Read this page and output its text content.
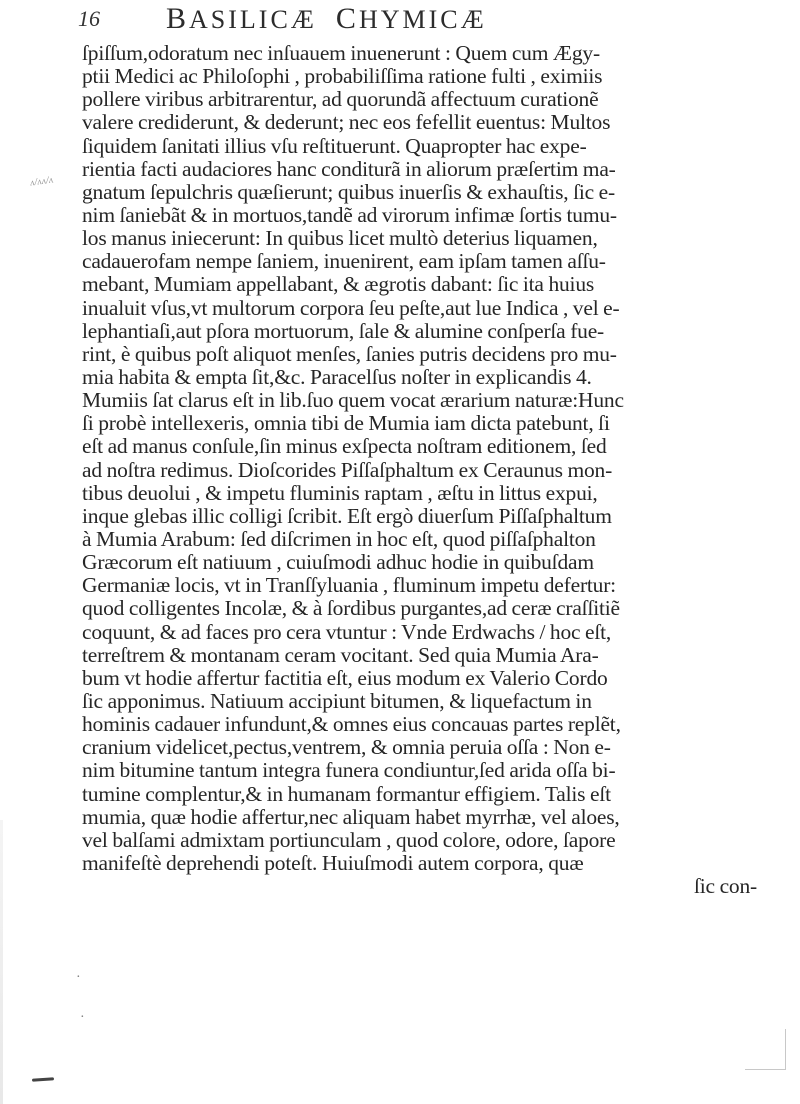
16 BASILICÆ CHYMICÆ
ʌ/ʌʌ/ʌ
ſpiſſum,odoratum nec inſuauem inuenerunt : Quem cum Ægy-
ptii Medici ac Philoſophi , probabiliſſima ratione fulti , eximiis
pollere viribus arbitrarentur, ad quorundã affectuum curationẽ
valere crediderunt, & dederunt; nec eos fefellit euentus: Multos
ſiquidem ſanitati illius vſu reſtituerunt. Quapropter hac expe-
rientia facti audaciores hanc conditurã in aliorum præſertim ma-
gnatum ſepulchris quæſierunt; quibus inuerſis & exhauſtis, ſic e-
nim ſaniebãt & in mortuos,tandẽ ad virorum infimæ ſortis tumu-
los manus iniecerunt: In quibus licet multò deterius liquamen,
cadauerofam nempe ſaniem, inuenirent, eam ipſam tamen aſſu-
mebant, Mumiam appellabant, & ægrotis dabant: ſic ita huius
inualuit vſus,vt multorum corpora ſeu peſte,aut lue Indica , vel e-
lephantiaſi,aut pſora mortuorum, ſale & alumine conſperſa fue-
rint, è quibus poſt aliquot menſes, ſanies putris decidens pro mu-
mia habita & empta ſit,&c. Paracelſus noſter in explicandis 4.
Mumiis ſat clarus eſt in lib.ſuo quem vocat ærarium naturæ:Hunc
ſi probè intellexeris, omnia tibi de Mumia iam dicta patebunt, ſi
eſt ad manus conſule,ſin minus exſpecta noſtram editionem, ſed
ad noſtra redimus. Dioſcorides Piſſaſphaltum ex Ceraunus mon-
tibus deuolui , & impetu fluminis raptam , æſtu in littus expui,
inque glebas illic colligi ſcribit. Eſt ergò diuerſum Piſſaſphaltum
à Mumia Arabum: ſed diſcrimen in hoc eſt, quod piſſaſphalton
Græcorum eſt natiuum , cuiuſmodi adhuc hodie in quibuſdam
Germaniæ locis, vt in Tranſſyluania , fluminum impetu defertur:
quod colligentes Incolæ, & à ſordibus purgantes,ad ceræ craſſitiẽ
coquunt, & ad faces pro cera vtuntur : Vnde Erdwachs / hoc eſt,
terreſtrem & montanam ceram vocitant. Sed quia Mumia Ara-
bum vt hodie affertur factitia eſt, eius modum ex Valerio Cordo
ſic apponimus. Natiuum accipiunt bitumen, & liquefactum in
hominis cadauer infundunt,& omnes eius concauas partes replẽt,
cranium videlicet,pectus,ventrem, & omnia peruia oſſa : Non e-
nim bitumine tantum integra funera condiuntur,ſed arida oſſa bi-
tumine complentur,& in humanam formantur effigiem. Talis eſt
mumia, quæ hodie affertur,nec aliquam habet myrrhæ, vel aloes,
vel balſami admixtam portiunculam , quod colore, odore, ſapore
manifeſtè deprehendi poteſt. Huiuſmodi autem corpora, quæ
ſic con-
·
·
